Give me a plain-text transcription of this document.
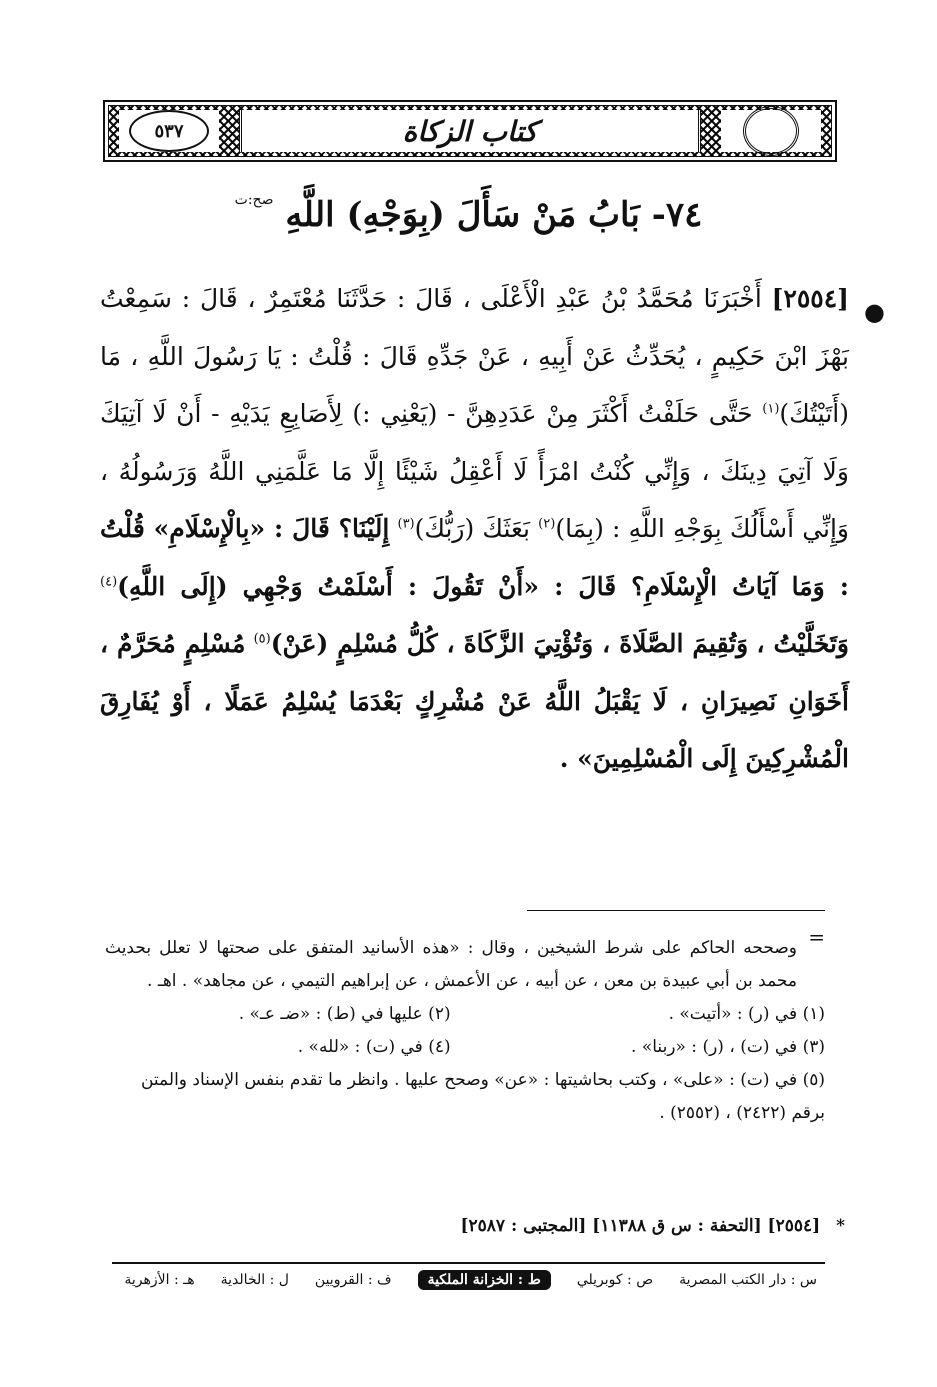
كتاب الزكاة
٥٣٧
٧٤- بَابُ مَنْ سَأَلَ (بِوَجْهِ) اللَّهِ $^{صح:ت}$
●
[٢٥٥٤] أَخْبَرَنَا مُحَمَّدُ بْنُ عَبْدِ الْأَعْلَى ، قَالَ : حَدَّثَنَا مُعْتَمِرٌ ، قَالَ : سَمِعْتُ بَهْزَ ابْنَ حَكِيمٍ ، يُحَدِّثُ عَنْ أَبِيهِ ، عَنْ جَدِّهِ قَالَ : قُلْتُ : يَا رَسُولَ اللَّهِ ، مَا (أَتَيْتُكَ)$^{(١)}$ حَتَّى حَلَفْتُ أَكْثَرَ مِنْ عَدَدِهِنَّ - (يَعْنِي :) لِأَصَابِعِ يَدَيْهِ - أَنْ لَا آتِيَكَ وَلَا آتِيَ دِينَكَ ، وَإِنِّي كُنْتُ امْرَأً لَا أَعْقِلُ شَيْئًا إِلَّا مَا عَلَّمَنِي اللَّهُ وَرَسُولُهُ ، وَإِنِّي أَسْأَلُكَ بِوَجْهِ اللَّهِ : (بِمَا)$^{(٢)}$ بَعَثَكَ (رَبُّكَ)$^{(٣)}$ إِلَيْنَا؟ قَالَ : «بِالْإِسْلَامِ» قُلْتُ : وَمَا آيَاتُ الْإِسْلَامِ؟ قَالَ : «أَنْ تَقُولَ : أَسْلَمْتُ وَجْهِي (إِلَى اللَّهِ)$^{(٤)}$ وَتَخَلَّيْتُ ، وَتُقِيمَ الصَّلَاةَ ، وَتُؤْتِيَ الزَّكَاةَ ، كُلُّ مُسْلِمٍ (عَنْ)$^{(٥)}$ مُسْلِمٍ مُحَرَّمٌ ، أَخَوَانِ نَصِيرَانِ ، لَا يَقْبَلُ اللَّهُ عَنْ مُشْرِكٍ بَعْدَمَا يُسْلِمُ عَمَلًا ، أَوْ يُفَارِقَ الْمُشْرِكِينَ إِلَى الْمُسْلِمِينَ» .
=
وصححه الحاكم على شرط الشيخين ، وقال : «هذه الأسانيد المتفق على صحتها لا تعلل بحديث محمد بن أبي عبيدة بن معن ، عن أبيه ، عن الأعمش ، عن إبراهيم التيمي ، عن مجاهد» . اهـ .
(١) في (ر) : «أتيت» .
(٢) عليها في (ط) : «ضـ عـ» .
(٣) في (ت) ، (ر) : «ربنا» .
(٤) في (ت) : «لله» .
(٥) في (ت) : «على» ، وكتب بحاشيتها : «عن» وصحح عليها . وانظر ما تقدم بنفس الإسناد والمتن برقم (٢٤٢٢) ، (٢٥٥٢) .
* [٢٥٥٤] [التحفة : س ق ١١٣٨٨] [المجتبى : ٢٥٨٧]
س : دار الكتب المصرية
ص : كوبريلي
ط : الخزانة الملكية
ف : القرويين
ل : الخالدية
هـ : الأزهرية
